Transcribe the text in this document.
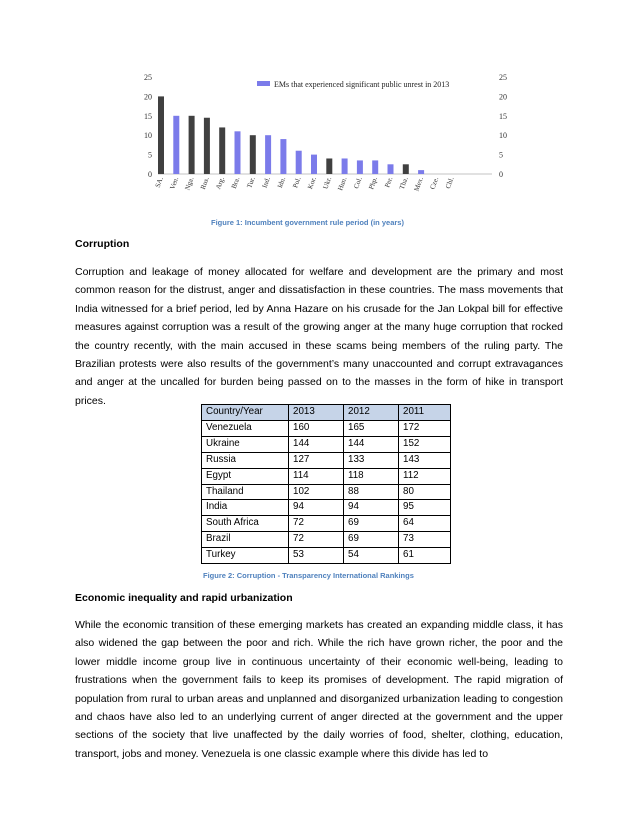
0
5
10
15
20
25
0
5
10
15
20
25
SA. Ven. Nga. Rus. Arg. Bra. Tur. Ind. Idn. Pol. Kor. Ukr. Hun. Col. Php. Per. Tha. Mex. Cze. Chl.
EMs that experienced significant public unrest in 2013
Figure 1: Incumbent government rule period (in years)
Corruption

Corruption and leakage of money allocated for welfare and development are the primary and most common reason for the distrust, anger and dissatisfaction in these countries. The mass movements that India witnessed for a brief period, led by Anna Hazare on his crusade for the Jan Lokpal bill for effective measures against corruption was a result of the growing anger at the many huge corruption that rocked the country recently, with the main accused in these scams being members of the ruling party. The Brazilian protests were also results of the government’s many unaccounted and corrupt extravagances and anger at the uncalled for burden being passed on to the masses in the form of hike in transport prices.

Country/Year	2013	2012	2011
Venezuela	160	165	172
Ukraine	144	144	152
Russia	127	133	143
Egypt	114	118	112
Thailand	102	88	80
India	94	94	95
South Africa	72	69	64
Brazil	72	69	73
Turkey	53	54	61
Figure 2: Corruption - Transparency International Rankings
Economic inequality and rapid urbanization

While the economic transition of these emerging markets has created an expanding middle class, it has also widened the gap between the poor and rich. While the rich have grown richer, the poor and the lower middle income group live in continuous uncertainty of their economic well-being, leading to frustrations when the government fails to keep its promises of development. The rapid migration of population from rural to urban areas and unplanned and disorganized urbanization leading to congestion and chaos have also led to an underlying current of anger directed at the government and the upper sections of the society that live unaffected by the daily worries of food, shelter, clothing, education, transport, jobs and money. Venezuela is one classic example where this divide has led to
